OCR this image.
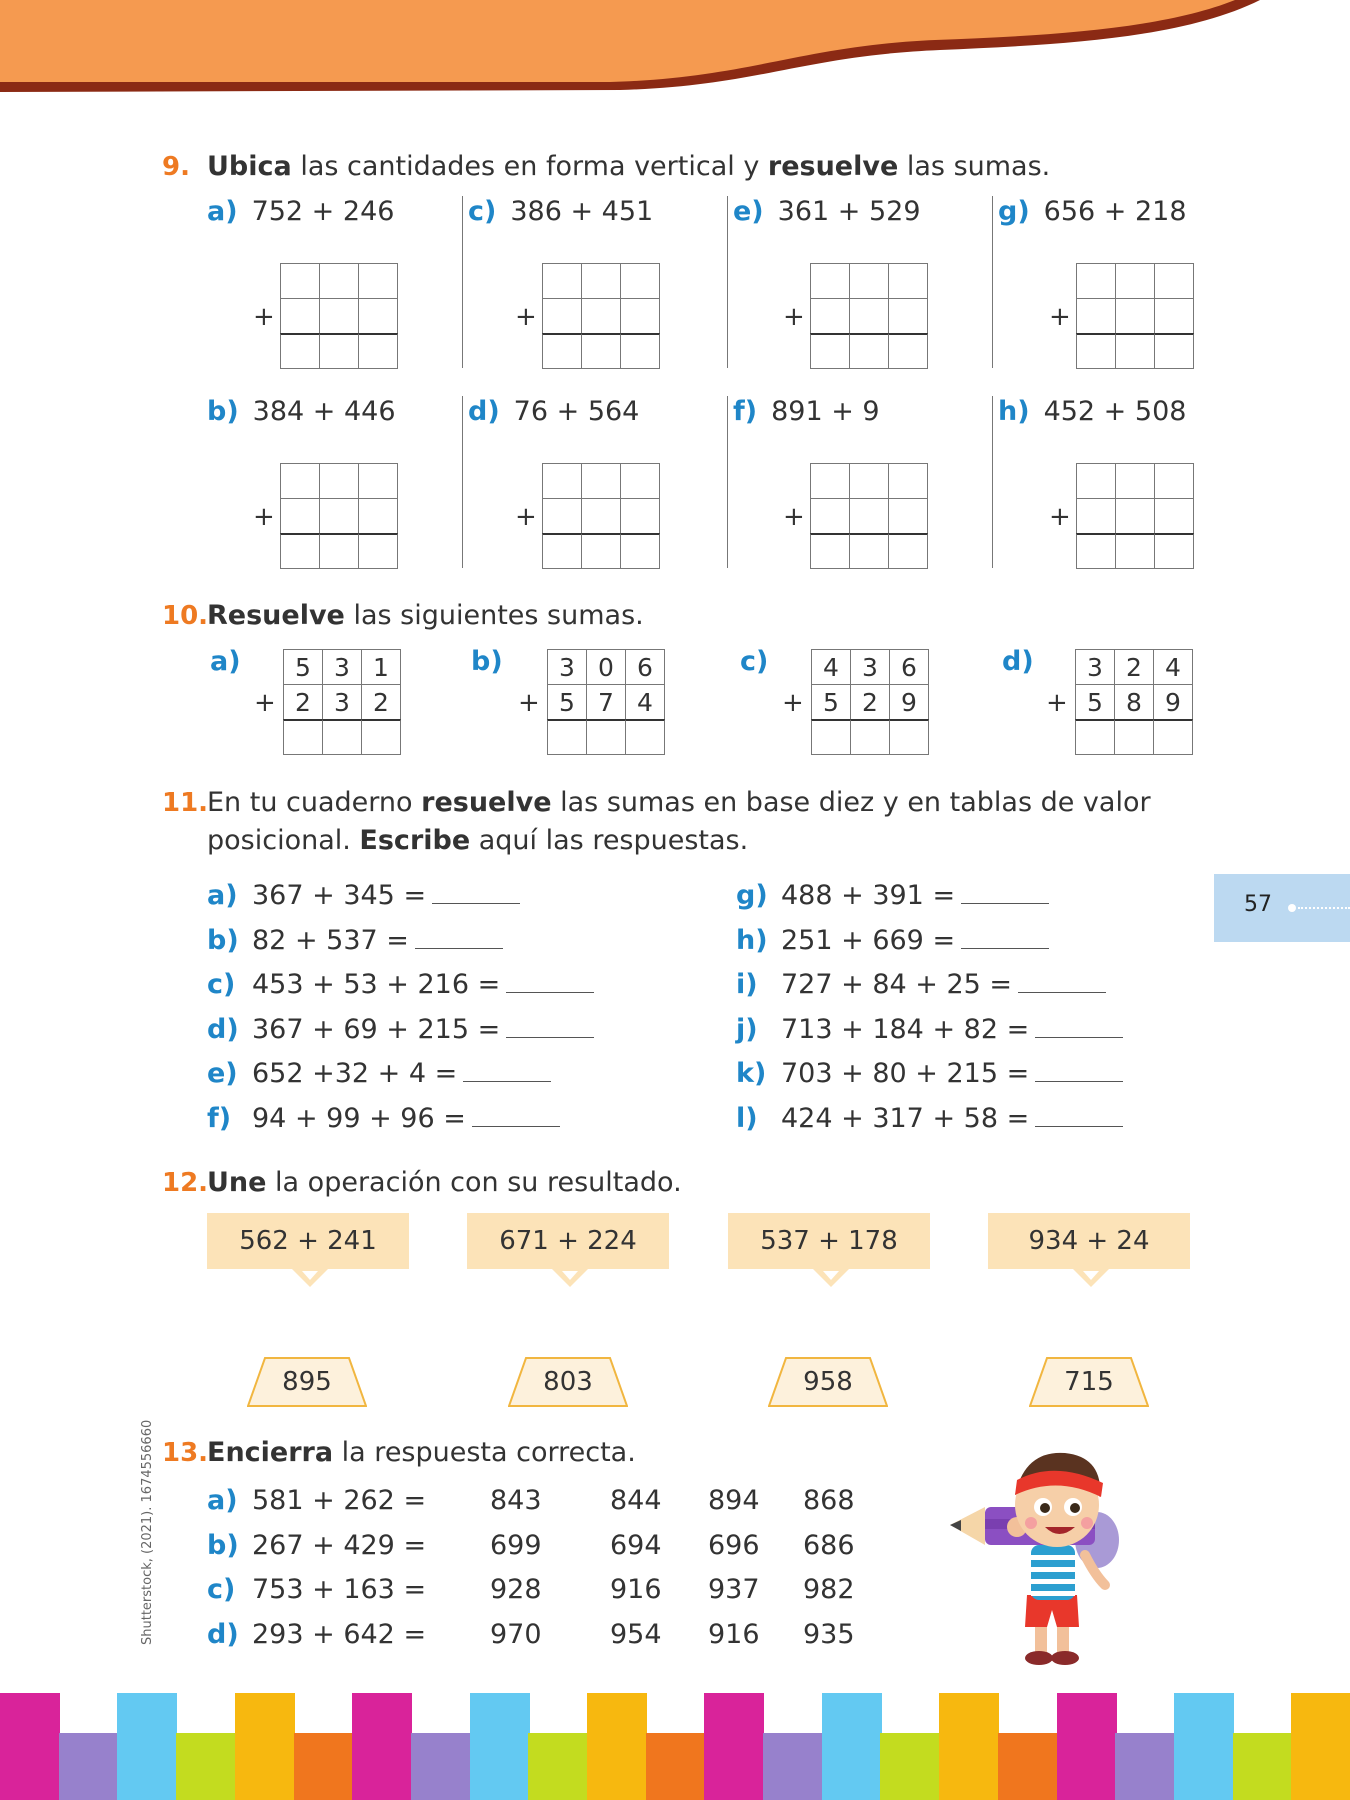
9. Ubica las cantidades en forma vertical y resuelve las sumas.
a) 752 + 246
+
c) 386 + 451
+
e) 361 + 529
+
g) 656 + 218
+
b) 384 + 446
+
d) 76 + 564
+
f) 891 + 9
+
h) 452 + 508
+
10.
Resuelve las siguientes sumas.
a)
+
5 3 1
2 3 2
b)
+
3 0 6
5 7 4
c)
+
4 3 6
5 2 9
d)
+
3 2 4
5 8 9
11.
En tu cuaderno resuelve las sumas en base diez y en tablas de valor
posicional. Escribe aquí las respuestas.
a) 367 + 345 =
b) 82 + 537 =
c) 453 + 53 + 216 =
d) 367 + 69 + 215 =
e) 652 +32 + 4 =
f) 94 + 99 + 96 =
g) 488 + 391 =
h) 251 + 669 =
i) 727 + 84 + 25 =
j) 713 + 184 + 82 =
k) 703 + 80 + 215 =
l) 424 + 317 + 58 =
57
12.
Une la operación con su resultado.
562 + 241	671 + 224	537 + 178	934 + 24
895	803	958	715
13.
Encierra la respuesta correcta.
a) 581 + 262 = 843	844 894 868
b) 267 + 429 = 699	694 696 686
c) 753 + 163 = 928	916 937 982
d) 293 + 642 = 970	954 916 935
Shutterstock, (2021). 1674556660
